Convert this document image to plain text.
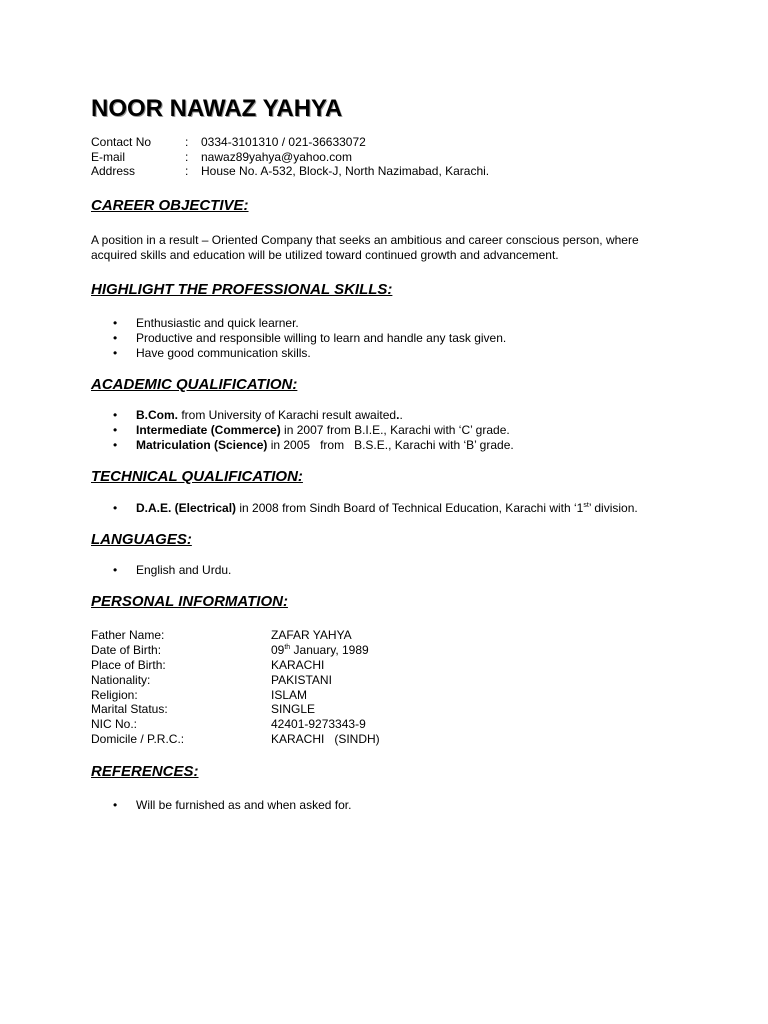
NOOR NAWAZ YAHYA
Contact No	: 0334-3101310 / 021-36633072
E-mail	: nawaz89yahya@yahoo.com
Address	: House No. A-532, Block-J, North Nazimabad, Karachi.
CAREER OBJECTIVE:
A position in a result – Oriented Company that seeks an ambitious and career conscious person, where
acquired skills and education will be utilized toward continued growth and advancement.
HIGHLIGHT THE PROFESSIONAL SKILLS:
• Enthusiastic and quick learner.
• Productive and responsible willing to learn and handle any task given.
• Have good communication skills.
ACADEMIC QUALIFICATION:
• B.Com. from University of Karachi result awaited..
• Intermediate (Commerce) in 2007 from B.I.E., Karachi with ‘C’ grade.
• Matriculation (Science) in 2005   from   B.S.E., Karachi with ‘B’ grade.
TECHNICAL QUALIFICATION:
• D.A.E. (Electrical) in 2008 from Sindh Board of Technical Education, Karachi with ‘1st’ division.
LANGUAGES:
• English and Urdu.
PERSONAL INFORMATION:
Father Name:	ZAFAR YAHYA
Date of Birth:	09th January, 1989
Place of Birth:	KARACHI
Nationality:	PAKISTANI
Religion:	ISLAM
Marital Status:	SINGLE
NIC No.:	42401-9273343-9
Domicile / P.R.C.:	KARACHI   (SINDH)
REFERENCES:
• Will be furnished as and when asked for.
